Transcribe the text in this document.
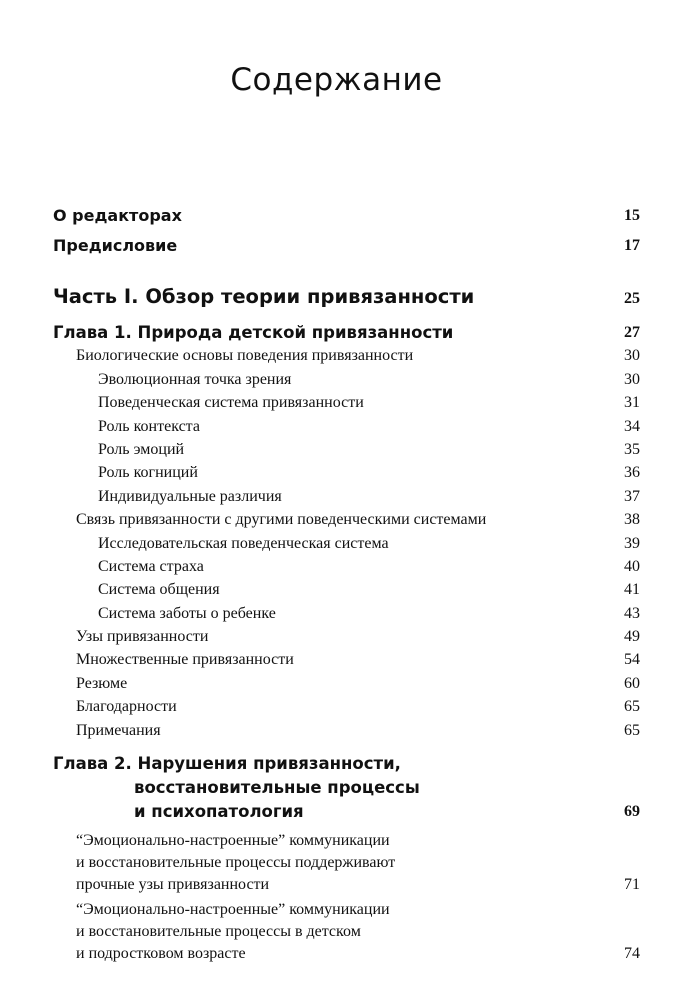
Содержание
О редакторах	15
Предисловие	17
Часть I. Обзор теории привязанности	25
Глава 1. Природа детской привязанности	27
Биологические основы поведения привязанности	30
Эволюционная точка зрения	30
Поведенческая система привязанности	31
Роль контекста	34
Роль эмоций	35
Роль когниций	36
Индивидуальные различия	37
Связь привязанности с другими поведенческими системами	38
Исследовательская поведенческая система	39
Система страха	40
Система общения	41
Система заботы о ребенке	43
Узы привязанности	49
Множественные привязанности	54
Резюме	60
Благодарности	65
Примечания	65
Глава 2. Нарушения привязанности,
восстановительные процессы
и психопатология	69
“Эмоционально-настроенные” коммуникации
и восстановительные процессы поддерживают
прочные узы привязанности	71
“Эмоционально-настроенные” коммуникации
и восстановительные процессы в детском
и подростковом возрасте	74
